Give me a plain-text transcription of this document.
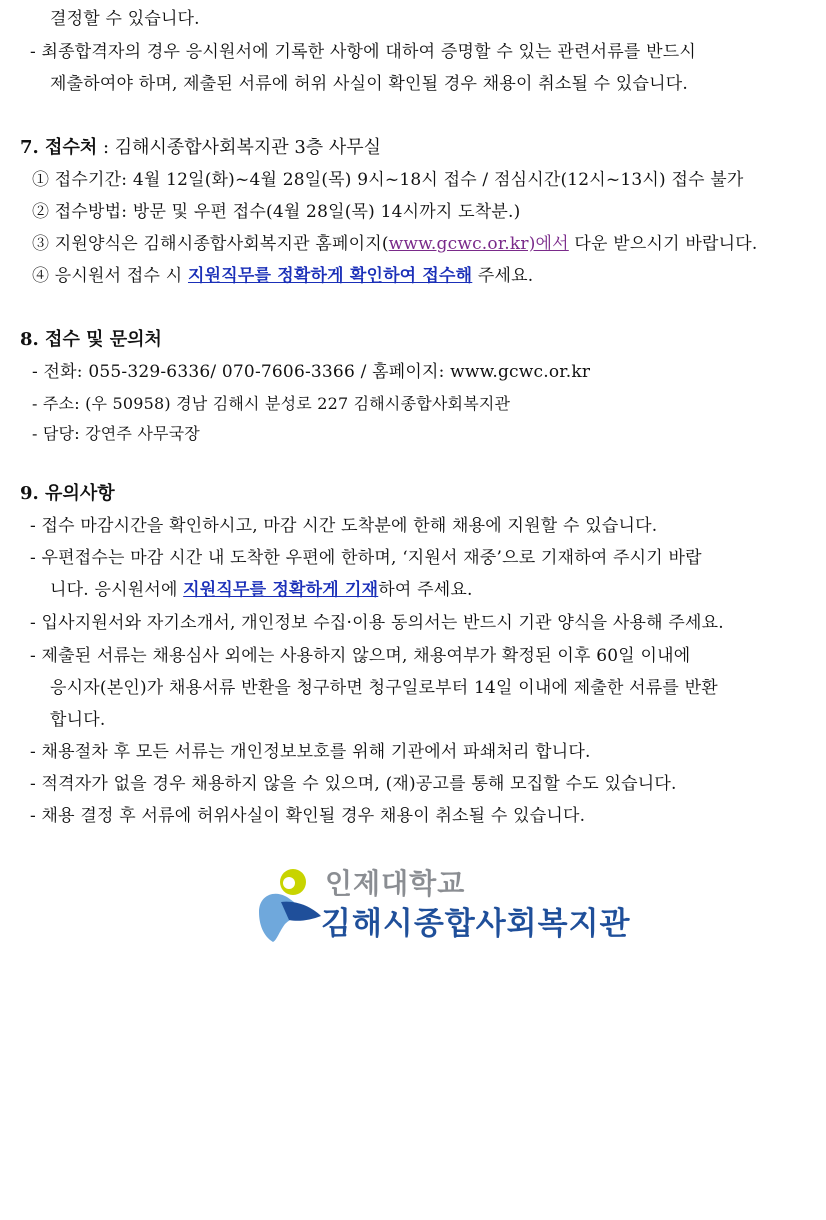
결정할 수 있습니다.
- 최종합격자의 경우 응시원서에 기록한 사항에 대하여 증명할 수 있는 관련서류를 반드시
제출하여야 하며, 제출된 서류에 허위 사실이 확인될 경우 채용이 취소될 수 있습니다.
7. 접수처 : 김해시종합사회복지관 3층 사무실
① 접수기간: 4월 12일(화)~4월 28일(목) 9시~18시 접수 / 점심시간(12시~13시) 접수 불가
② 접수방법: 방문 및 우편 접수(4월 28일(목) 14시까지 도착분.)
③ 지원양식은 김해시종합사회복지관 홈페이지(www.gcwc.or.kr)에서 다운 받으시기 바랍니다.
④ 응시원서 접수 시 지원직무를 정확하게 확인하여 접수해 주세요.
8. 접수 및 문의처
- 전화: 055-329-6336/ 070-7606-3366 / 홈페이지: www.gcwc.or.kr
- 주소: (우 50958) 경남 김해시 분성로 227 김해시종합사회복지관
- 담당: 강연주 사무국장
9. 유의사항
- 접수 마감시간을 확인하시고, 마감 시간 도착분에 한해 채용에 지원할 수 있습니다.
- 우편접수는 마감 시간 내 도착한 우편에 한하며, ‘지원서 재중’으로 기재하여 주시기 바랍
니다. 응시원서에 지원직무를 정확하게 기재하여 주세요.
- 입사지원서와 자기소개서, 개인정보 수집·이용 동의서는 반드시 기관 양식을 사용해 주세요.
- 제출된 서류는 채용심사 외에는 사용하지 않으며, 채용여부가 확정된 이후 60일 이내에
응시자(본인)가 채용서류 반환을 청구하면 청구일로부터 14일 이내에 제출한 서류를 반환
합니다.
- 채용절차 후 모든 서류는 개인정보보호를 위해 기관에서 파쇄처리 합니다.
- 적격자가 없을 경우 채용하지 않을 수 있으며, (재)공고를 통해 모집할 수도 있습니다.
- 채용 결정 후 서류에 허위사실이 확인될 경우 채용이 취소될 수 있습니다.
인제대학교
김해시종합사회복지관
